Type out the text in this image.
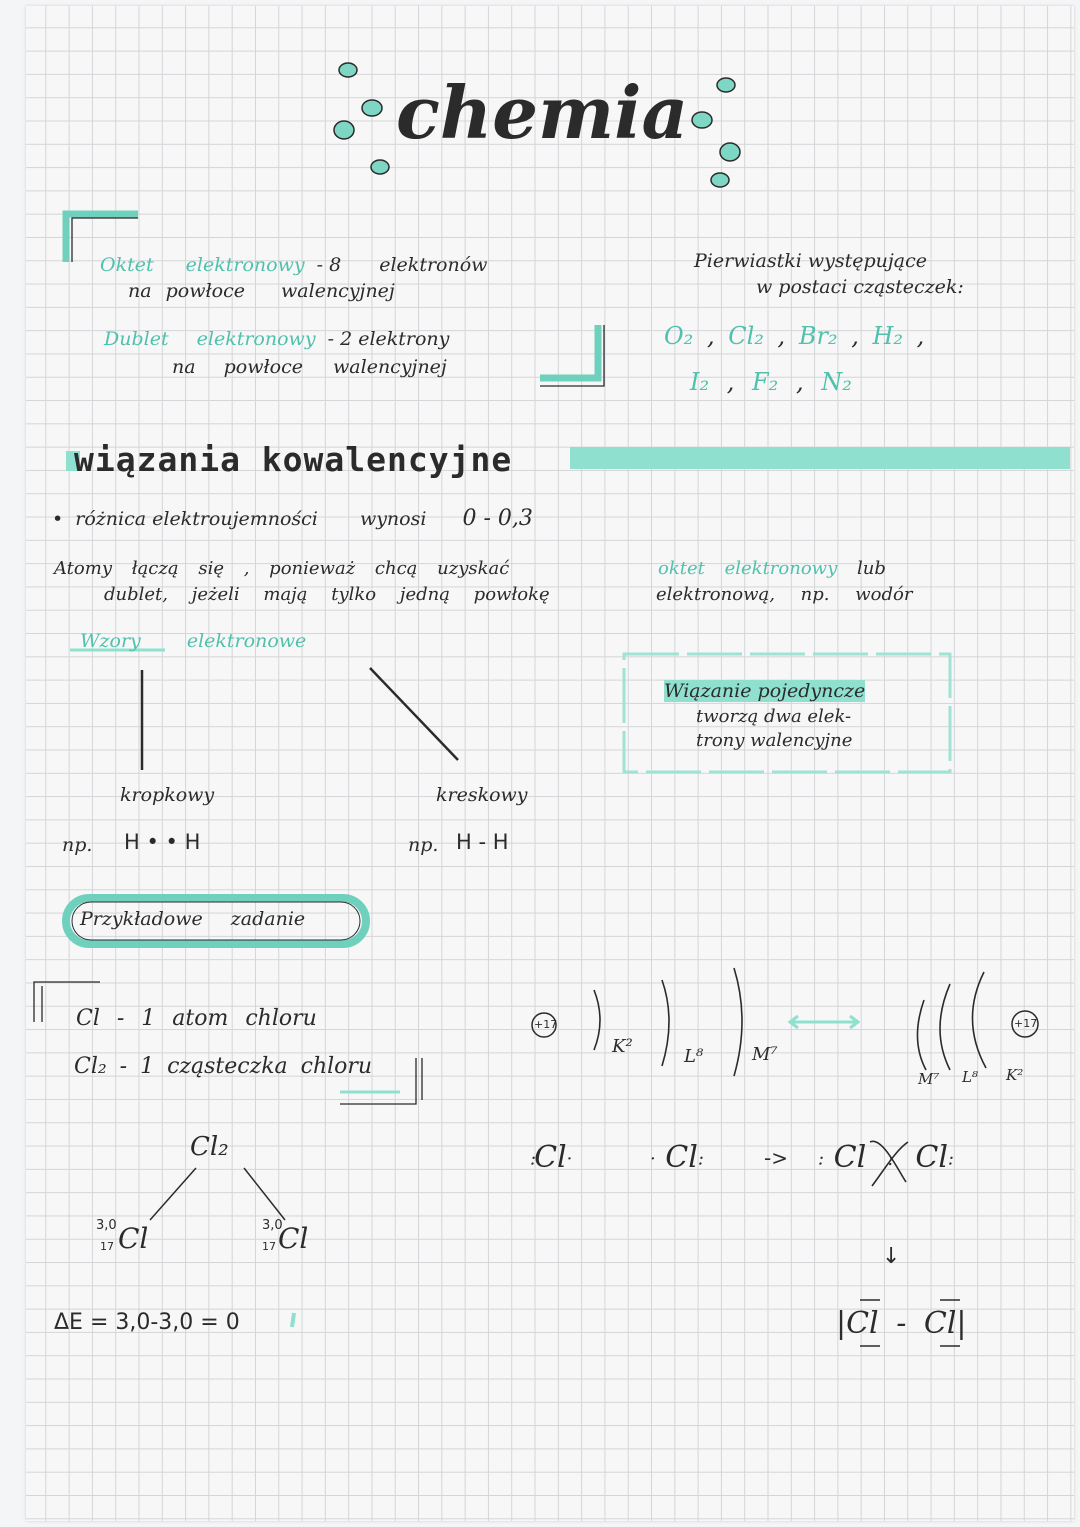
chemia
Oktet elektronowy - 8 elektronów
na powłoce walencyjnej
Dublet elektronowy - 2 elektrony
na powłoce walencyjnej
Pierwiastki występujące
w postaci cząsteczek:
O₂ , Cl₂ , Br₂ , H₂ ,
I₂ , F₂ , N₂
wiązania kowalencyjne
• różnica elektroujemności wynosi 0 - 0,3
Atomy łączą się , ponieważ chcą uzyskać	oktet elektronowy lub
dublet, jeżeli mają tylko jedną powłokę	elektronową, np. wodór
Wzory elektronowe
kropkowy
np. H • • H
kreskowy
np. H - H
Wiązanie pojedyncze
tworzą dwa elek-
trony walencyjne
Przykładowe zadanie
Cl - 1 atom chloru
Cl₂ - 1 cząsteczka chloru
Cl₂
3,0
17 Cl	3,0
17 Cl
ΔE = 3,0-3,0 = 0
+17
K²	L⁸	M⁷
M⁷ L⁸ K²
+17
:Cl·	· Cl:	-> : Cl : Cl:
↓
|Cl - Cl|
